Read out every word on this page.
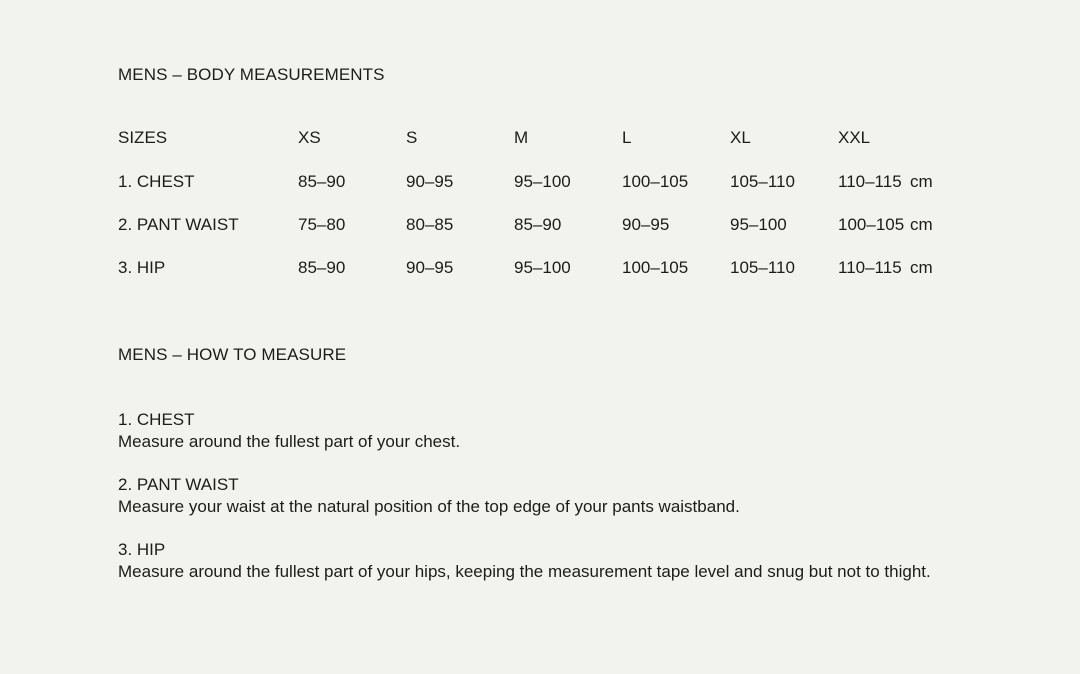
MENS – BODY MEASUREMENTS
SIZES	XS	S	M	L	XL	XXL	
1. CHEST	85–90	90–95	95–100	100–105	105–110	110–115	cm
2. PANT WAIST	75–80	80–85	85–90	90–95	95–100	100–105	cm
3. HIP	85–90	90–95	95–100	100–105	105–110	110–115	cm
MENS – HOW TO MEASURE
1. CHEST
Measure around the fullest part of your chest.
2. PANT WAIST
Measure your waist at the natural position of the top edge of your pants waistband.
3. HIP
Measure around the fullest part of your hips, keeping the measurement tape level and snug but not to thight.
